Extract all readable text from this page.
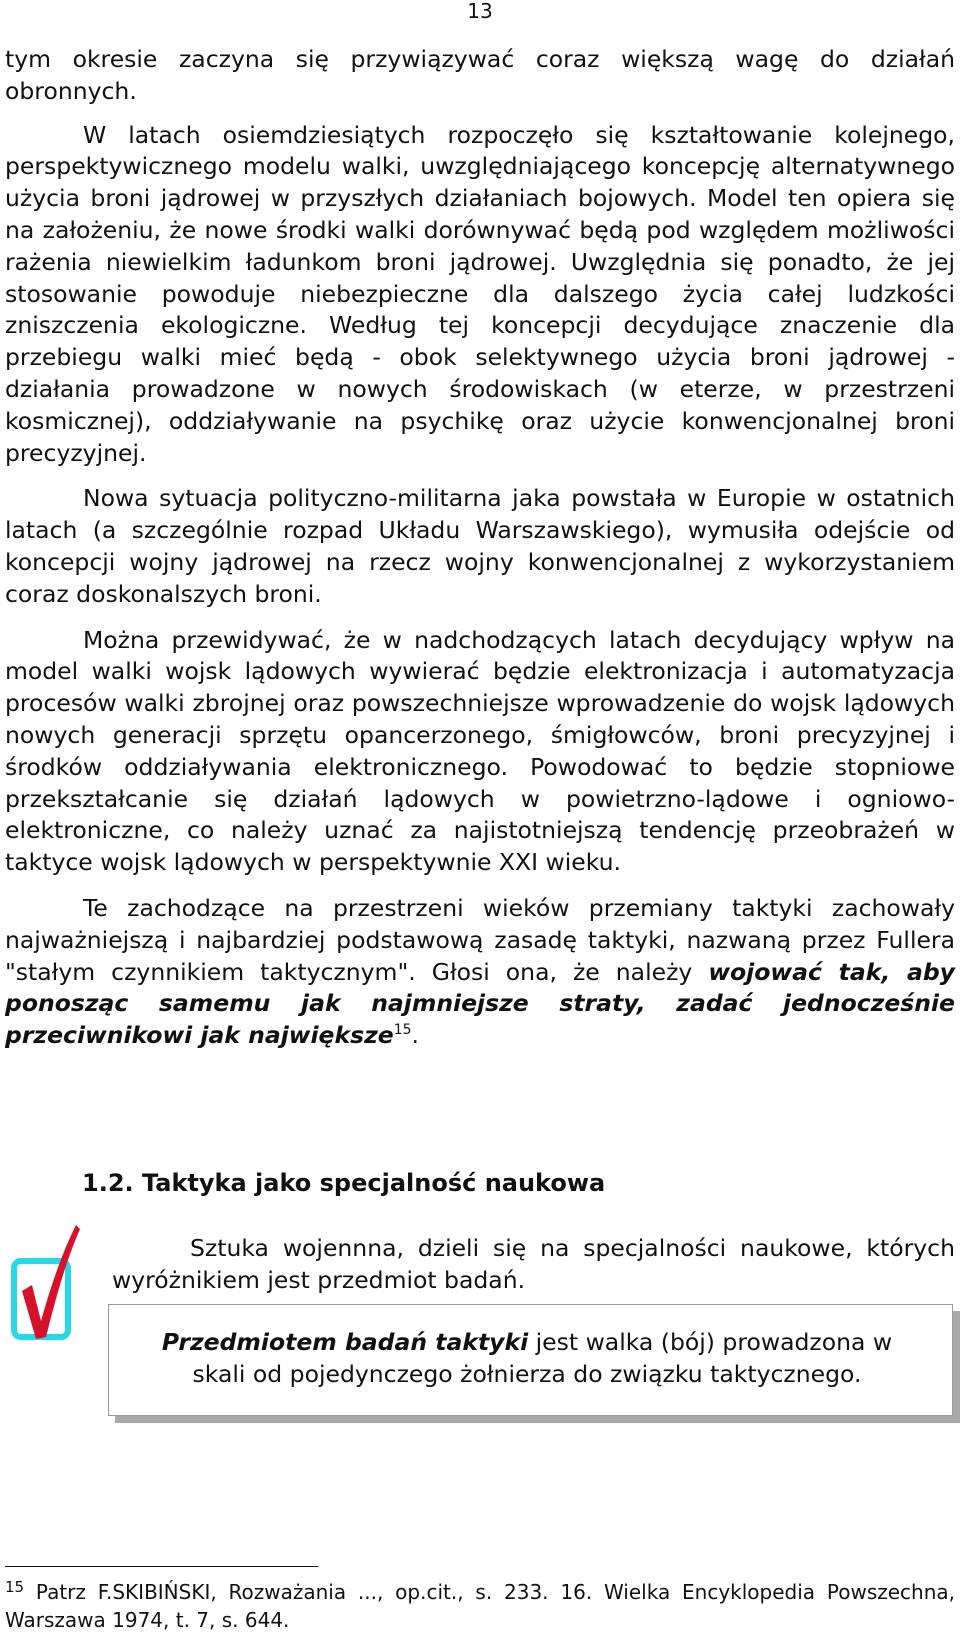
13

tym okresie zaczyna się przywiązywać coraz większą wagę do działań obronnych.

W latach osiemdziesiątych rozpoczęło się kształtowanie kolejnego, perspektywicznego modelu walki, uwzględniającego koncepcję alternatywnego użycia broni jądrowej w przyszłych działaniach bojowych. Model ten opiera się na założeniu, że nowe środki walki dorównywać będą pod względem możliwości rażenia niewielkim ładunkom broni jądrowej. Uwzględnia się ponadto, że jej stosowanie powoduje niebezpieczne dla dalszego życia całej ludzkości zniszczenia ekologiczne. Według tej koncepcji decydujące znaczenie dla przebiegu walki mieć będą - obok selektywnego użycia broni jądrowej - działania prowadzone w nowych środowiskach (w eterze, w przestrzeni kosmicznej), oddziaływanie na psychikę oraz użycie konwencjonalnej broni precyzyjnej.

Nowa sytuacja polityczno-militarna jaka powstała w Europie w ostatnich latach (a szczególnie rozpad Układu Warszawskiego), wymusiła odejście od koncepcji wojny jądrowej na rzecz wojny konwencjonalnej z wykorzystaniem coraz doskonalszych broni.

Można przewidywać, że w nadchodzących latach decydujący wpływ na model walki wojsk lądowych wywierać będzie elektronizacja i automatyzacja procesów walki zbrojnej oraz powszechniejsze wprowadzenie do wojsk lądowych nowych generacji sprzętu opancerzonego, śmigłowców, broni precyzyjnej i środków oddziaływania elektronicznego. Powodować to będzie stopniowe przekształcanie się działań lądowych w powietrzno-lądowe i ogniowo-elektroniczne, co należy uznać za najistotniejszą tendencję przeobrażeń w taktyce wojsk lądowych w perspektywnie XXI wieku.

Te zachodzące na przestrzeni wieków przemiany taktyki zachowały najważniejszą i najbardziej podstawową zasadę taktyki, nazwaną przez Fullera "stałym czynnikiem taktycznym". Głosi ona, że należy wojować tak, aby ponosząc samemu jak najmniejsze straty, zadać jednocześnie przeciwnikowi jak największe$^{15}$.

1.2. Taktyka jako specjalność naukowa

Sztuka wojennna, dzieli się na specjalności naukowe, których wyróżnikiem jest przedmiot badań.

Przedmiotem badań taktyki jest walka (bój) prowadzona w skali od pojedynczego żołnierza do związku taktycznego.

$^{15}$ Patrz F.SKIBIŃSKI, Rozważania ..., op.cit., s. 233. 16. Wielka Encyklopedia Powszechna, Warszawa 1974, t. 7, s. 644.
